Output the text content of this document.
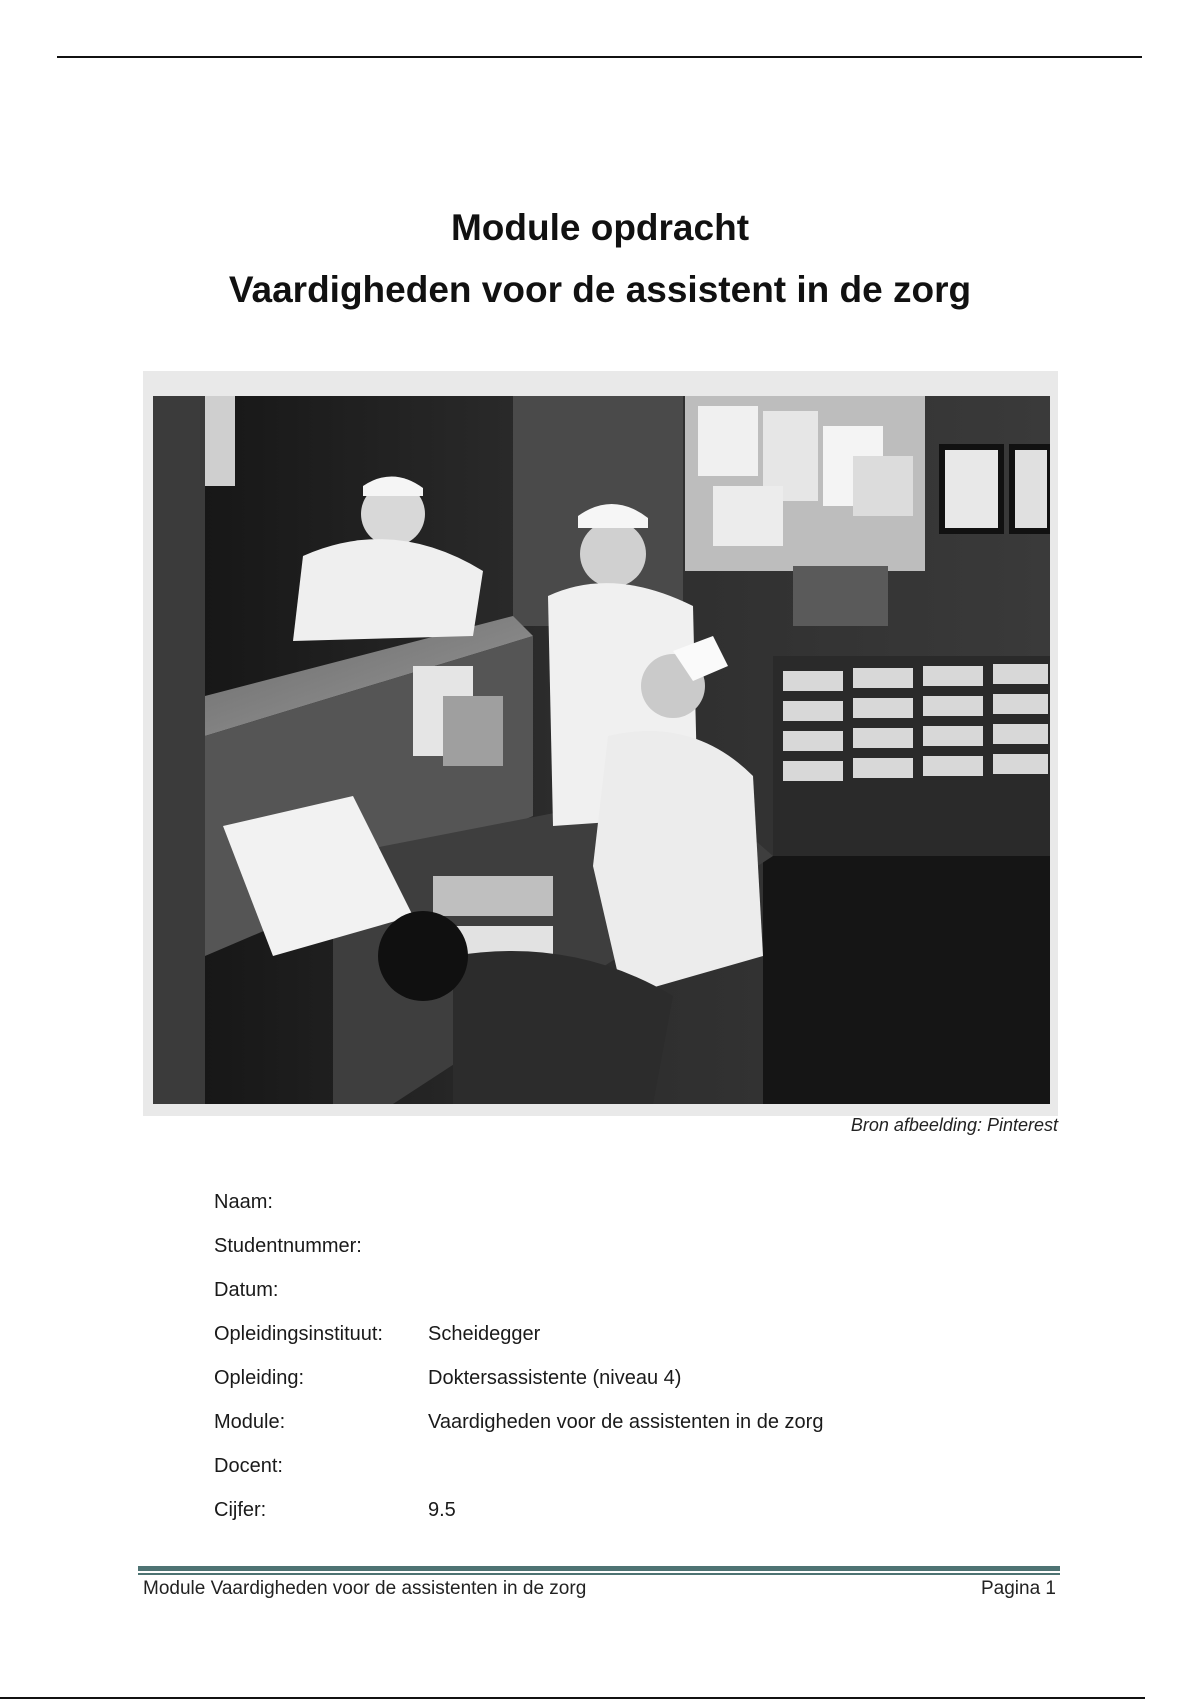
Module opdracht
Vaardigheden voor de assistent in de zorg
Bron afbeelding: Pinterest
Naam:
Studentnummer:
Datum:
Opleidingsinstituut:	Scheidegger
Opleiding:	Doktersassistente (niveau 4)
Module:	Vaardigheden voor de assistenten in de zorg
Docent:
Cijfer:	9.5
Module Vaardigheden voor de assistenten in de zorg	Pagina 1
